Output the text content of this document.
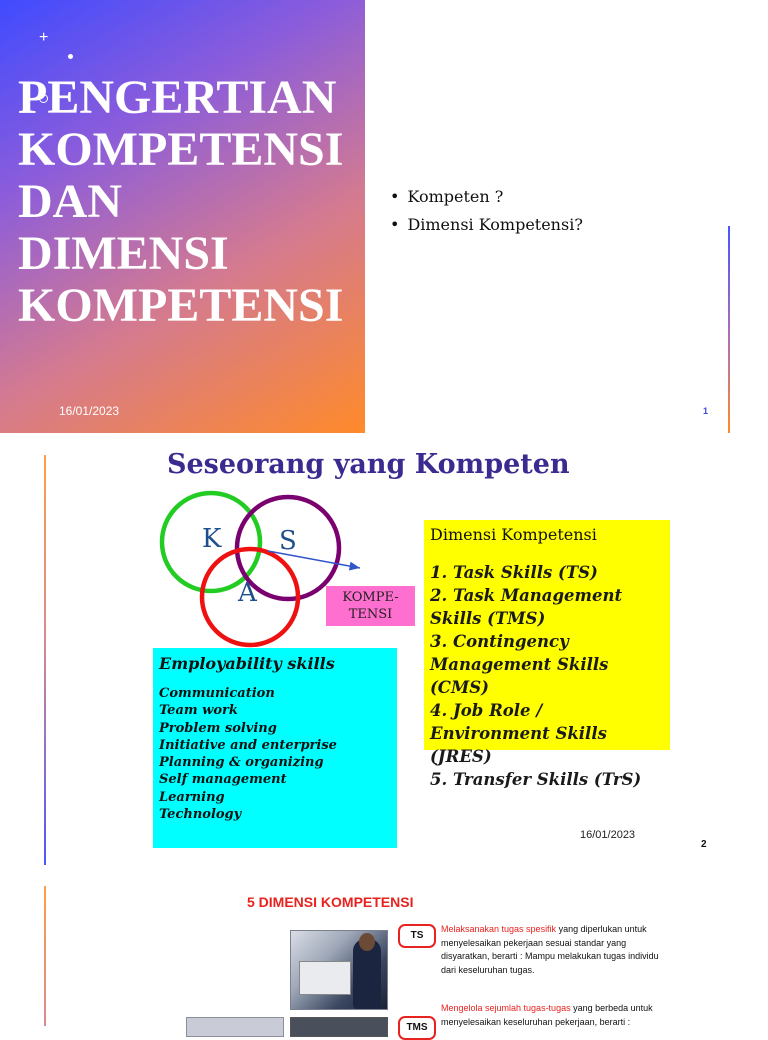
+
PENGERTIAN
KOMPETENSI
DAN
DIMENSI
KOMPETENSI
16/01/2023
• Kompeten ?
• Dimensi Kompetensi?
1
Seseorang yang Kompeten
K S
A	KOMPE-
TENSI
Dimensi Kompetensi
1. Task Skills (TS)
2. Task Management Skills (TMS)
3. Contingency Management Skills (CMS)
4. Job Role / Environment Skills (JRES)
5. Transfer Skills (TrS)
Employability skills
Communication
Team work
Problem solving
Initiative and enterprise
Planning & organizing
Self management
Learning
Technology
16/01/2023
2
5 DIMENSI KOMPETENSI
TS

Melaksanakan tugas spesifik yang diperlukan untuk menyelesaikan pekerjaan sesuai standar yang disyaratkan, berarti : Mampu melakukan tugas individu dari keseluruhan tugas.

TMS

Mengelola sejumlah tugas-tugas yang berbeda untuk menyelesaikan keseluruhan pekerjaan, berarti :
